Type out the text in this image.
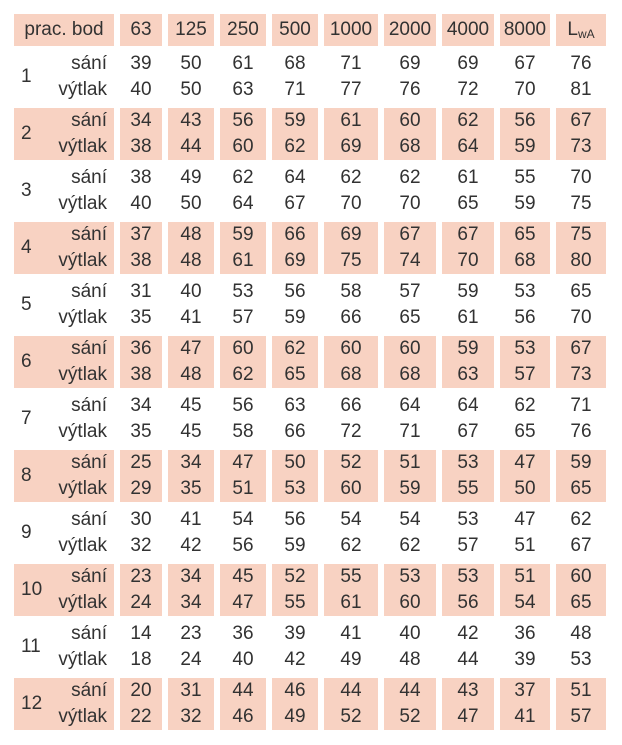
prac. bod 63 125 250 500 1000 2000 4000 8000 L wA
1
sání
výtlak
39
40
50
50
61
63
68
71
71
77
69
76
69
72
67
70
76
81
2
sání
výtlak
34
38
43
44
56
60
59
62
61
69
60
68
62
64
56
59
67
73
3
sání
výtlak
38
40
49
50
62
64
64
67
62
70
62
70
61
65
55
59
70
75
4
sání
výtlak
37
38
48
48
59
61
66
69
69
75
67
74
67
70
65
68
75
80
5
sání
výtlak
31
35
40
41
53
57
56
59
58
66
57
65
59
61
53
56
65
70
6
sání
výtlak
36
38
47
48
60
62
62
65
60
68
60
68
59
63
53
57
67
73
7
sání
výtlak
34
35
45
45
56
58
63
66
66
72
64
71
64
67
62
65
71
76
8
sání
výtlak
25
29
34
35
47
51
50
53
52
60
51
59
53
55
47
50
59
65
9
sání
výtlak
30
32
41
42
54
56
56
59
54
62
54
62
53
57
47
51
62
67
10
sání
výtlak
23
24
34
34
45
47
52
55
55
61
53
60
53
56
51
54
60
65
11
sání
výtlak
14
18
23
24
36
40
39
42
41
49
40
48
42
44
36
39
48
53
12
sání
výtlak
20
22
31
32
44
46
46
49
44
52
44
52
43
47
37
41
51
57
